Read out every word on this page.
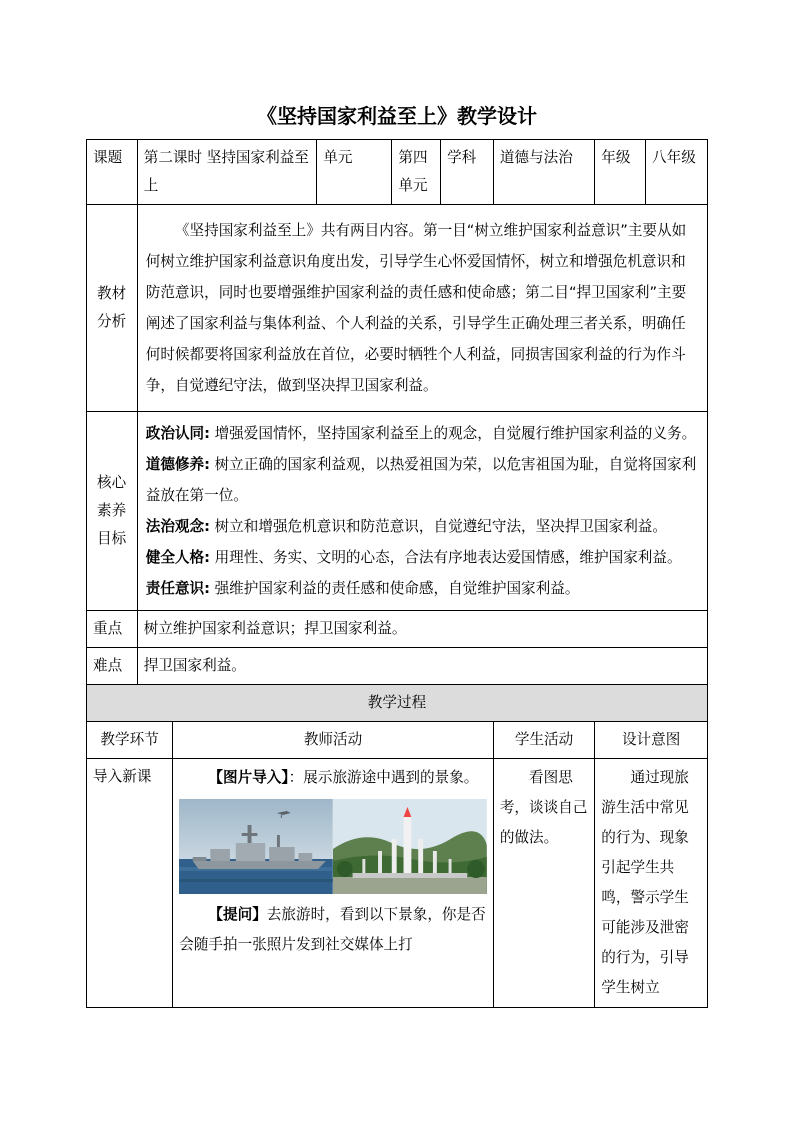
《坚持国家利益至上》教学设计
课题	第二课时 坚持国家利益至上		单元	第四单元	学科	道德与法治	年级	八年级
教材分析	《坚持国家利益至上》共有两目内容。第一目“树立维护国家利益意识”主要从如何树立维护国家利益意识角度出发，引导学生心怀爱国情怀，树立和增强危机意识和防范意识，同时也要增强维护国家利益的责任感和使命感；第二目“捍卫国家利”主要阐述了国家利益与集体利益、个人利益的关系，引导学生正确处理三者关系，明确任何时候都要将国家利益放在首位，必要时牺牲个人利益，同损害国家利益的行为作斗争，自觉遵纪守法，做到坚决捍卫国家利益。							
核心素养目标	政治认同: 增强爱国情怀，坚持国家利益至上的观念，自觉履行维护国家利益的义务。

道德修养: 树立正确的国家利益观，以热爱祖国为荣，以危害祖国为耻，自觉将国家利益放在第一位。

法治观念: 树立和增强危机意识和防范意识，自觉遵纪守法，坚决捍卫国家利益。

健全人格: 用理性、务实、文明的心态，合法有序地表达爱国情感，维护国家利益。

责任意识: 强维护国家利益的责任感和使命感，自觉维护国家利益。							

重点	树立维护国家利益意识；捍卫国家利益。							
难点	捍卫国家利益。							
教学过程								
教学环节		教师活动				学生活动	设计意图	
导入新课		【图片导入】：展示旅游途中遇到的景象。
【提问】去旅游时，看到以下景象，你是否会随手拍一张照片发到社交媒体上打				看图思考，谈谈自己的做法。	通过现旅游生活中常见的行为、现象引起学生共鸣，警示学生可能涉及泄密的行为，引导学生树立	
